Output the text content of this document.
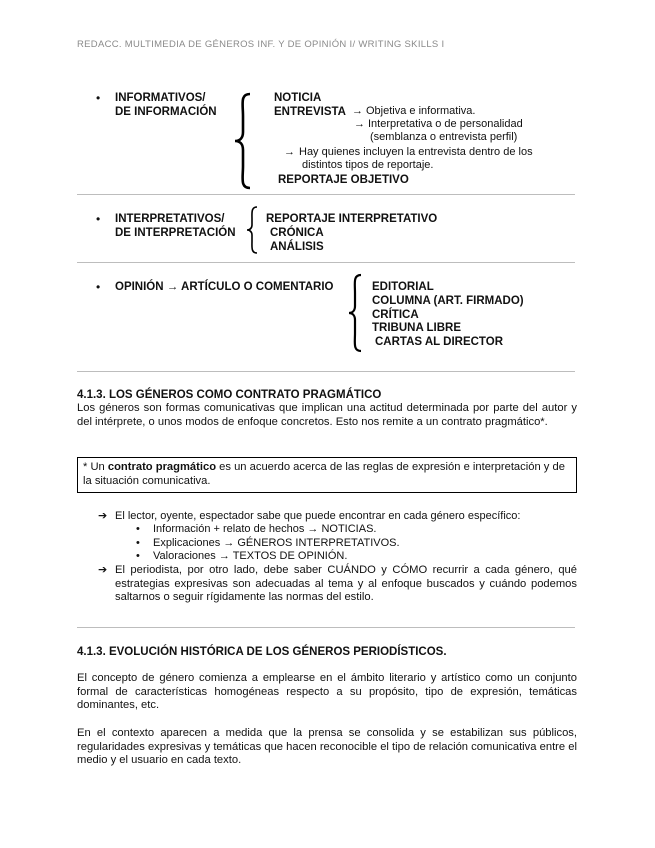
REDACC. MULTIMEDIA DE GÉNEROS INF. Y DE OPINIÓN I/ WRITING SKILLS I
• INFORMATIVOS/
DE INFORMACIÓN
NOTICIA
ENTREVISTA → Objetiva e informativa.
→ Interpretativa o de personalidad
(semblanza o entrevista perfil)
→ Hay quienes incluyen la entrevista dentro de los
distintos tipos de reportaje.
REPORTAJE OBJETIVO
• INTERPRETATIVOS/
DE INTERPRETACIÓN
REPORTAJE INTERPRETATIVO
CRÓNICA
ANÁLISIS
• OPINIÓN → ARTÍCULO O COMENTARIO	EDITORIAL
COLUMNA (ART. FIRMADO)
CRÍTICA
TRIBUNA LIBRE
CARTAS AL DIRECTOR
4.1.3. LOS GÉNEROS COMO CONTRATO PRAGMÁTICO
Los géneros son formas comunicativas que implican una actitud determinada por parte del autor y del intérprete, o unos modos de enfoque concretos. Esto nos remite a un contrato pragmático*.
* Un contrato pragmático es un acuerdo acerca de las reglas de expresión e interpretación y de la situación comunicativa.
➔ El lector, oyente, espectador sabe que puede encontrar en cada género específico:
• Información + relato de hechos → NOTICIAS.
• Explicaciones → GÉNEROS INTERPRETATIVOS.
• Valoraciones → TEXTOS DE OPINIÓN.
➔ El periodista, por otro lado, debe saber CUÁNDO y CÓMO recurrir a cada género, qué estrategias expresivas son adecuadas al tema y al enfoque buscados y cuándo podemos saltarnos o seguir rígidamente las normas del estilo.
4.1.3. EVOLUCIÓN HISTÓRICA DE LOS GÉNEROS PERIODÍSTICOS.
El concepto de género comienza a emplearse en el ámbito literario y artístico como un conjunto formal de características homogéneas respecto a su propósito, tipo de expresión, temáticas dominantes, etc.
En el contexto aparecen a medida que la prensa se consolida y se estabilizan sus públicos, regularidades expresivas y temáticas que hacen reconocible el tipo de relación comunicativa entre el medio y el usuario en cada texto.
